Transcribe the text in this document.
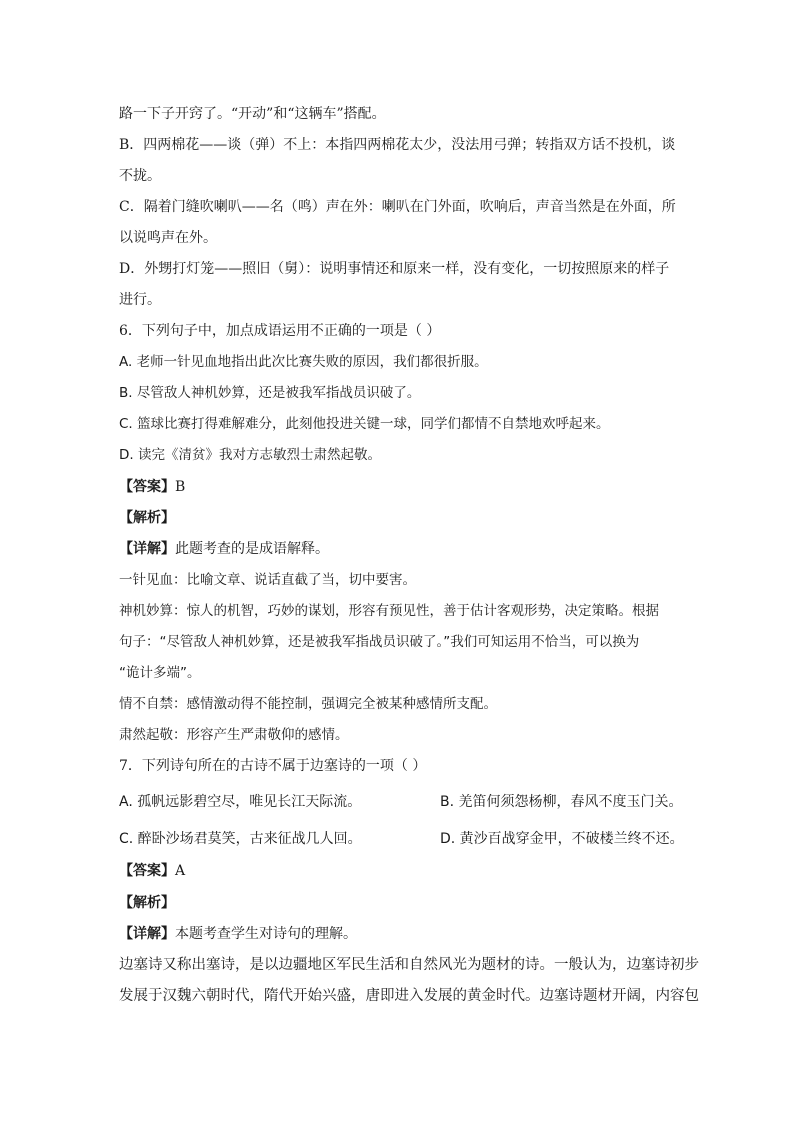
路一下子开窍了。“开动”和“这辆车”搭配。
B．四两棉花——谈（弹）不上：本指四两棉花太少，没法用弓弹；转指双方话不投机，谈
不拢。
C．隔着门缝吹喇叭——名（鸣）声在外：喇叭在门外面，吹响后，声音当然是在外面，所
以说鸣声在外。
D．外甥打灯笼——照旧（舅）：说明事情还和原来一样，没有变化，一切按照原来的样子
进行。
6．下列句子中，加点成语运用不正确的一项是（ ）
A. 老师一针见血地指出此次比赛失败的原因，我们都很折服。
B. 尽管敌人神机妙算，还是被我军指战员识破了。
C. 篮球比赛打得难解难分，此刻他投进关键一球，同学们都情不自禁地欢呼起来。
D. 读完《清贫》我对方志敏烈士肃然起敬。
【答案】B
【解析】
【详解】此题考查的是成语解释。
一针见血：比喻文章、说话直截了当，切中要害。
神机妙算：惊人的机智，巧妙的谋划，形容有预见性，善于估计客观形势，决定策略。根据
句子：“尽管敌人神机妙算，还是被我军指战员识破了。”我们可知运用不恰当，可以换为
“诡计多端”。
情不自禁：感情激动得不能控制，强调完全被某种感情所支配。
肃然起敬：形容产生严肃敬仰的感情。
7．下列诗句所在的古诗不属于边塞诗的一项（ ）
A. 孤帆远影碧空尽，唯见长江天际流。	B. 羌笛何须怨杨柳，春风不度玉门关。
C. 醉卧沙场君莫笑，古来征战几人回。	D. 黄沙百战穿金甲，不破楼兰终不还。
【答案】A
【解析】
【详解】本题考查学生对诗句的理解。
边塞诗又称出塞诗，是以边疆地区军民生活和自然风光为题材的诗。一般认为，边塞诗初步
发展于汉魏六朝时代，隋代开始兴盛，唐即进入发展的黄金时代。边塞诗题材开阔，内容包
